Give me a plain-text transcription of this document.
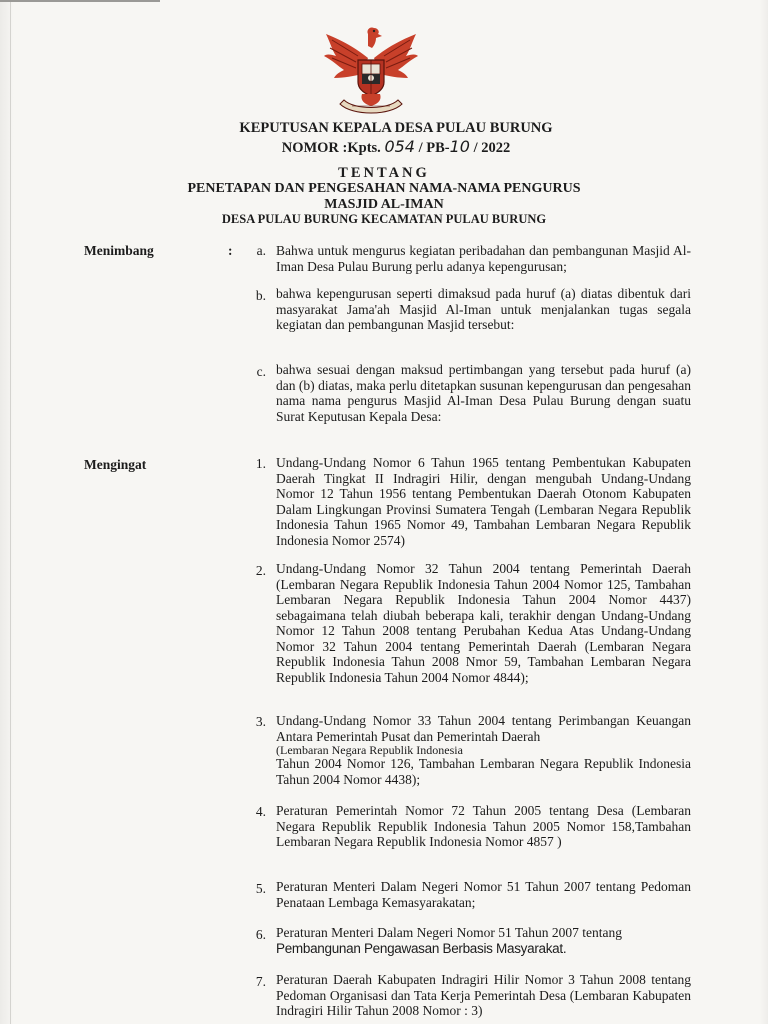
KEPUTUSAN KEPALA DESA PULAU BURUNG
NOMOR :Kpts. 054 / PB-10 / 2022
TENTANG
PENETAPAN DAN PENGESAHAN NAMA-NAMA PENGURUS
MASJID AL-IMAN
DESA PULAU BURUNG KECAMATAN PULAU BURUNG
Menimbang	:	a. Bahwa untuk mengurus kegiatan peribadahan dan pembangunan Masjid Al-Iman Desa Pulau Burung perlu adanya kepengurusan;
b. bahwa kepengurusan seperti dimaksud pada huruf (a) diatas dibentuk dari masyarakat Jama'ah Masjid Al-Iman untuk menjalankan tugas segala kegiatan dan pembangunan Masjid tersebut:
c. bahwa sesuai dengan maksud pertimbangan yang tersebut pada huruf (a) dan (b) diatas, maka perlu ditetapkan susunan kepengurusan dan pengesahan nama nama pengurus Masjid Al-Iman Desa Pulau Burung dengan suatu Surat Keputusan Kepala Desa:
Mengingat	1. Undang-Undang Nomor 6 Tahun 1965 tentang Pembentukan Kabupaten Daerah Tingkat II Indragiri Hilir, dengan mengubah Undang-Undang Nomor 12 Tahun 1956 tentang Pembentukan Daerah Otonom Kabupaten Dalam Lingkungan Provinsi Sumatera Tengah (Lembaran Negara Republik Indonesia Tahun 1965 Nomor 49, Tambahan Lembaran Negara Republik Indonesia Nomor 2574)
2. Undang-Undang Nomor 32 Tahun 2004 tentang Pemerintah Daerah (Lembaran Negara Republik Indonesia Tahun 2004 Nomor 125, Tambahan Lembaran Negara Republik Indonesia Tahun 2004 Nomor 4437) sebagaimana telah diubah beberapa kali, terakhir dengan Undang-Undang Nomor 12 Tahun 2008 tentang Perubahan Kedua Atas Undang-Undang Nomor 32 Tahun 2004 tentang Pemerintah Daerah (Lembaran Negara Republik Indonesia Tahun 2008 Nmor 59, Tambahan Lembaran Negara Republik Indonesia Tahun 2004 Nomor 4844);
3. Undang-Undang Nomor 33 Tahun 2004 tentang Perimbangan Keuangan Antara Pemerintah Pusat dan Pemerintah Daerah
(Lembaran Negara Republik Indonesia
Tahun 2004 Nomor 126, Tambahan Lembaran Negara Republik Indonesia Tahun 2004 Nomor 4438);
4. Peraturan Pemerintah Nomor 72 Tahun 2005 tentang Desa (Lembaran Negara Republik Republik Indonesia Tahun 2005 Nomor 158,Tambahan Lembaran Negara Republik Indonesia Nomor 4857 )
5. Peraturan Menteri Dalam Negeri Nomor 51 Tahun 2007 tentang Pedoman Penataan Lembaga Kemasyarakatan;
6. Peraturan Menteri Dalam Negeri Nomor 51 Tahun 2007 tentang
Pembangunan Pengawasan Berbasis Masyarakat.
7. Peraturan Daerah Kabupaten Indragiri Hilir Nomor 3 Tahun 2008 tentang Pedoman Organisasi dan Tata Kerja Pemerintah Desa (Lembaran Kabupaten Indragiri Hilir Tahun 2008 Nomor : 3)
